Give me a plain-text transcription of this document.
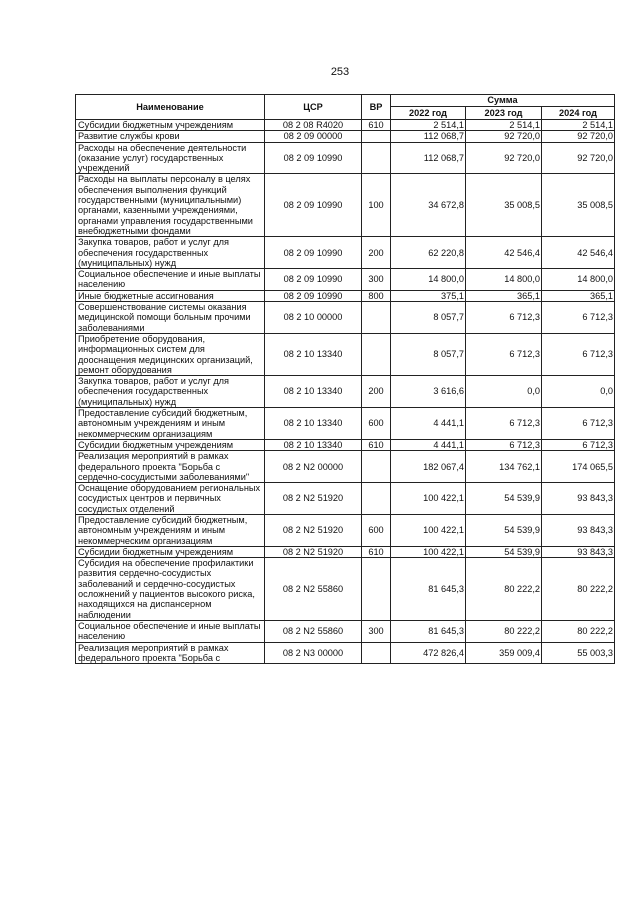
253
Наименование	ЦСР	ВР	Сумма		
			2022 год	2023 год	2024 год
Субсидии бюджетным учреждениям	08 2 08 R4020	610	2 514,1	2 514,1	2 514,1
Развитие службы крови	08 2 09 00000		112 068,7	92 720,0	92 720,0
Расходы на обеспечение деятельности (оказание услуг) государственных учреждений	08 2 09 10990		112 068,7	92 720,0	92 720,0
Расходы на выплаты персоналу в целях обеспечения выполнения функций государственными (муниципальными) органами, казенными учреждениями, органами управления государственными внебюджетными фондами	08 2 09 10990	100	34 672,8	35 008,5	35 008,5
Закупка товаров, работ и услуг для обеспечения государственных (муниципальных) нужд	08 2 09 10990	200	62 220,8	42 546,4	42 546,4
Социальное обеспечение и иные выплаты населению	08 2 09 10990	300	14 800,0	14 800,0	14 800,0
Иные бюджетные ассигнования	08 2 09 10990	800	375,1	365,1	365,1
Совершенствование системы оказания медицинской помощи больным прочими заболеваниями	08 2 10 00000		8 057,7	6 712,3	6 712,3
Приобретение оборудования, информационных систем для дооснащения медицинских организаций, ремонт оборудования	08 2 10 13340		8 057,7	6 712,3	6 712,3
Закупка товаров, работ и услуг для обеспечения государственных (муниципальных) нужд	08 2 10 13340	200	3 616,6	0,0	0,0
Предоставление субсидий бюджетным, автономным учреждениям и иным некоммерческим организациям	08 2 10 13340	600	4 441,1	6 712,3	6 712,3
Субсидии бюджетным учреждениям	08 2 10 13340	610	4 441,1	6 712,3	6 712,3
Реализация мероприятий в рамках федерального проекта "Борьба с сердечно-сосудистыми заболеваниями"	08 2 N2 00000		182 067,4	134 762,1	174 065,5
Оснащение оборудованием региональных сосудистых центров и первичных сосудистых отделений	08 2 N2 51920		100 422,1	54 539,9	93 843,3
Предоставление субсидий бюджетным, автономным учреждениям и иным некоммерческим организациям	08 2 N2 51920	600	100 422,1	54 539,9	93 843,3
Субсидии бюджетным учреждениям	08 2 N2 51920	610	100 422,1	54 539,9	93 843,3
Субсидия на обеспечение профилактики развития сердечно-сосудистых заболеваний и сердечно-сосудистых осложнений у пациентов высокого риска, находящихся на диспансерном наблюдении	08 2 N2 55860		81 645,3	80 222,2	80 222,2
Социальное обеспечение и иные выплаты населению	08 2 N2 55860	300	81 645,3	80 222,2	80 222,2
Реализация мероприятий в рамках федерального проекта "Борьба с	08 2 N3 00000		472 826,4	359 009,4	55 003,3
